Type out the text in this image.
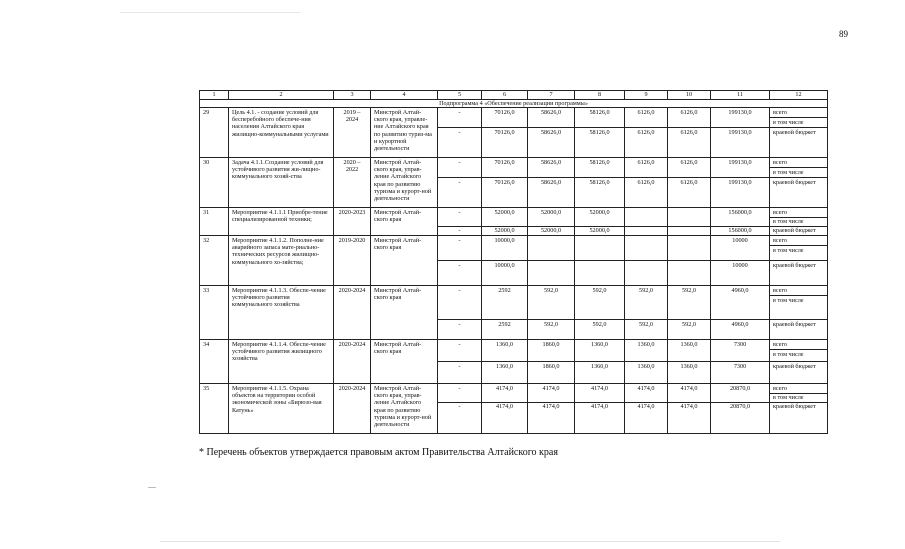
89
1	2	3	4	5	6	7	8	9	10	11	12
Подпрограмма 4 «Обеспечение реализации программы»											
29	Цель 4.1. - создание условий для бесперебойного обеспече-ния населения Алтайского края жилищно-коммунальными услугами	2019 – 2024	Минстрой Алтай-ского края, управле-ние Алтайского края по развитию туриз-ма и курортной деятельности	-	70126,0	58626,0	58126,0	6126,0	6126,0	199130,0	всего
											в том числе
				-	70126,0	58626,0	58126,0	6126,0	6126,0	199130,0	краевой бюджет
30	Задача 4.1.1.Создание условий для устойчивого развития жи-лищно-коммунального хозяй-ства	2020 – 2022	Минстрой Алтай-ского края, управ-ление Алтайского края по развитию туризма и курорт-ной деятельности	-	70126,0	58626,0	58126,0	6126,0	6126,0	199130,0	всего
											в том числе
				-	70126,0	58626,0	58126,0	6126,0	6126,0	199130,0	краевой бюджет
31	Мероприятие 4.1.1.1 Приобре-тение специализированной техники;	2020-2023	Минстрой Алтай-ского края	-	52000,0	52000,0	52000,0			156000,0	всего
											в том числе
				-	52000,0	52000,0	52000,0			156000,0	краевой бюджет
32	Мероприятие 4.1.1.2. Пополне-ние аварийного запаса мате-риально-технических ресурсов жилищно-коммунального хо-зяйства;	2019-2020	Минстрой Алтай-ского края	-	10000,0					10000	всего
											в том числе
				-	10000,0					10000	краевой бюджет
33	Мероприятие 4.1.1.3. Обеспе-чение устойчивого развития коммунального хозяйства	2020-2024	Минстрой Алтай-ского края	-	2592	592,0	592,0	592,0	592,0	4960,0	всего
											в том числе
				-	2592	592,0	592,0	592,0	592,0	4960,0	краевой бюджет
34	Мероприятие 4.1.1.4. Обеспе-чение устойчивого развития жилищного хозяйства	2020-2024	Минстрой Алтай-ского края	-	1360,0	1860,0	1360,0	1360,0	1360,0	7300	всего
											в том числе
				-	1360,0	1860,0	1360,0	1360,0	1360,0	7300	краевой бюджет
35	Мероприятие 4.1.1.5. Охрана объектов на территории особой экономической зоны «Бирюзо-вая Катунь»	2020-2024	Минстрой Алтай-ского края, управ-ление Алтайского края по развитию туризма и курорт-ной деятельности	-	4174,0	4174,0	4174,0	4174,0	4174,0	20870,0	всего
											в том числе
				-	4174,0	4174,0	4174,0	4174,0	4174,0	20870,0	краевой бюджет
* Перечень объектов утверждается правовым актом Правительства Алтайского края
